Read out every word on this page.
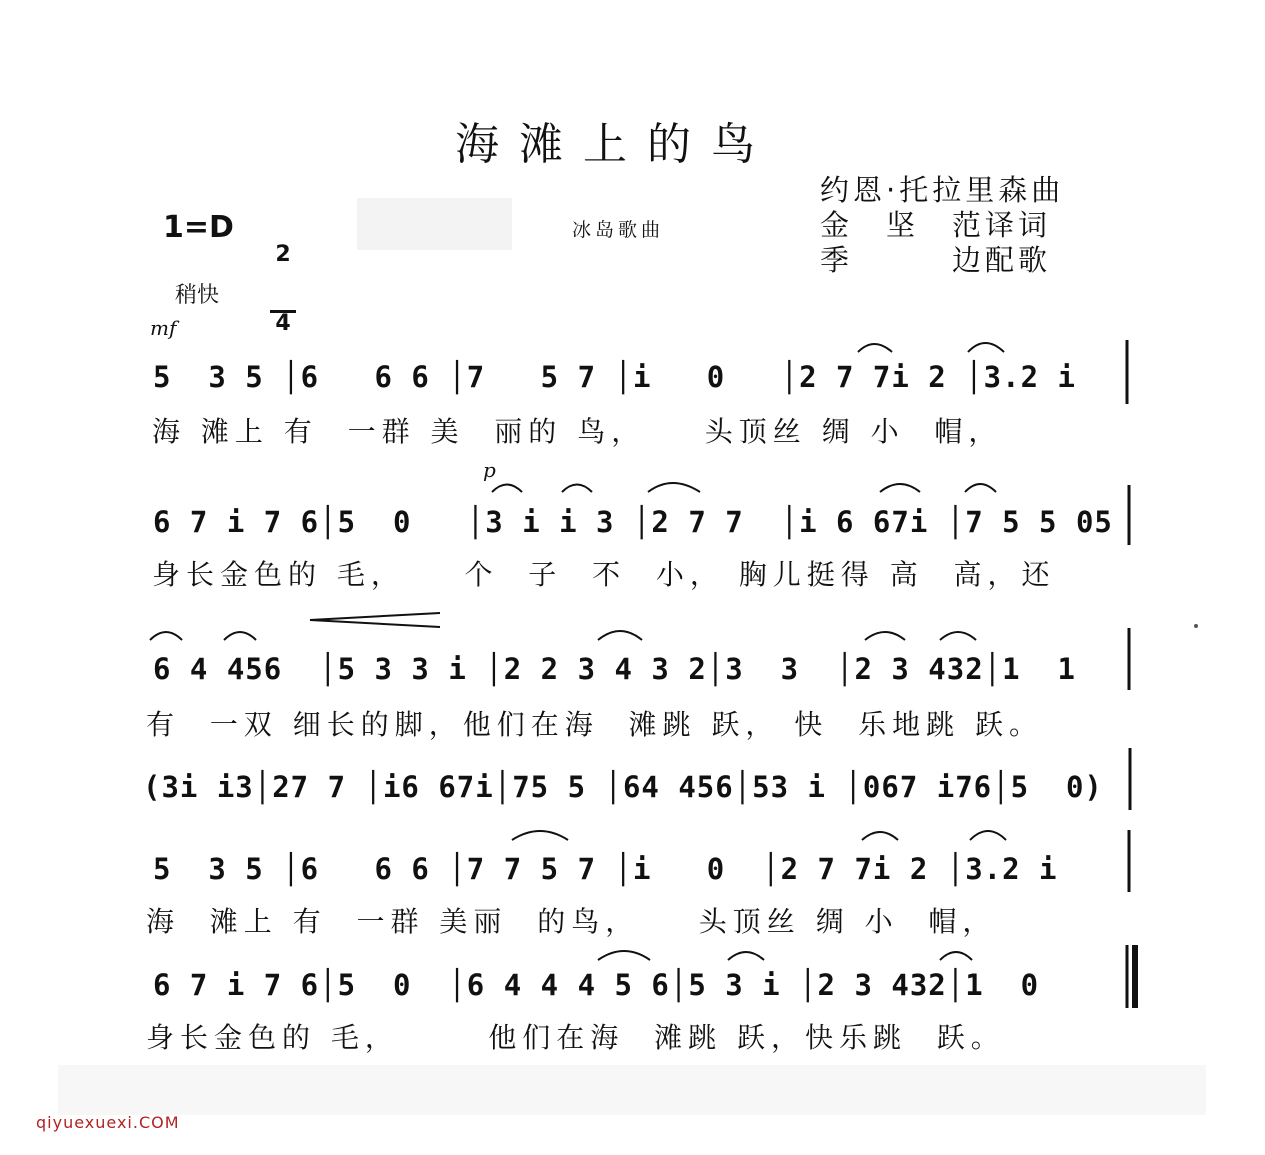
海滩上的鸟
约恩·托拉里森曲
金　坚　范译词
季　　　边配歌
1=D

2

4

冰岛歌曲
稍快
mf
p
5  3 5 │6   6 6 │7   5 7 │i   0   │2 7 7i 2 │3.2 i
海 滩上 有  一群 美  丽的 鸟，    头顶丝 绸 小  帽，
6 7 i 7 6│5  0   │3 i i 3 │2 7 7  │i 6 67i │7 5 5 05
身长金色的 毛，    个  子  不  小， 胸儿挺得 高  高，还
6 4 456  │5 3 3 i │2 2 3 4 3 2│3  3  │2 3 432│1  1
有  一双 细长的脚，他们在海  滩跳 跃， 快  乐地跳 跃。
(3i i3│27 7 │i6 67i│75 5 │64 456│53 i │067 i76│5  0)
5  3 5 │6   6 6 │7 7 5 7 │i   0  │2 7 7i 2 │3.2 i
海  滩上 有  一群 美丽  的鸟，    头顶丝 绸 小  帽，
6 7 i 7 6│5  0  │6 4 4 4 5 6│5 3 i │2 3 432│1  0
身长金色的 毛，      他们在海  滩跳 跃，快乐跳  跃。
qiyuexuexi.COM
